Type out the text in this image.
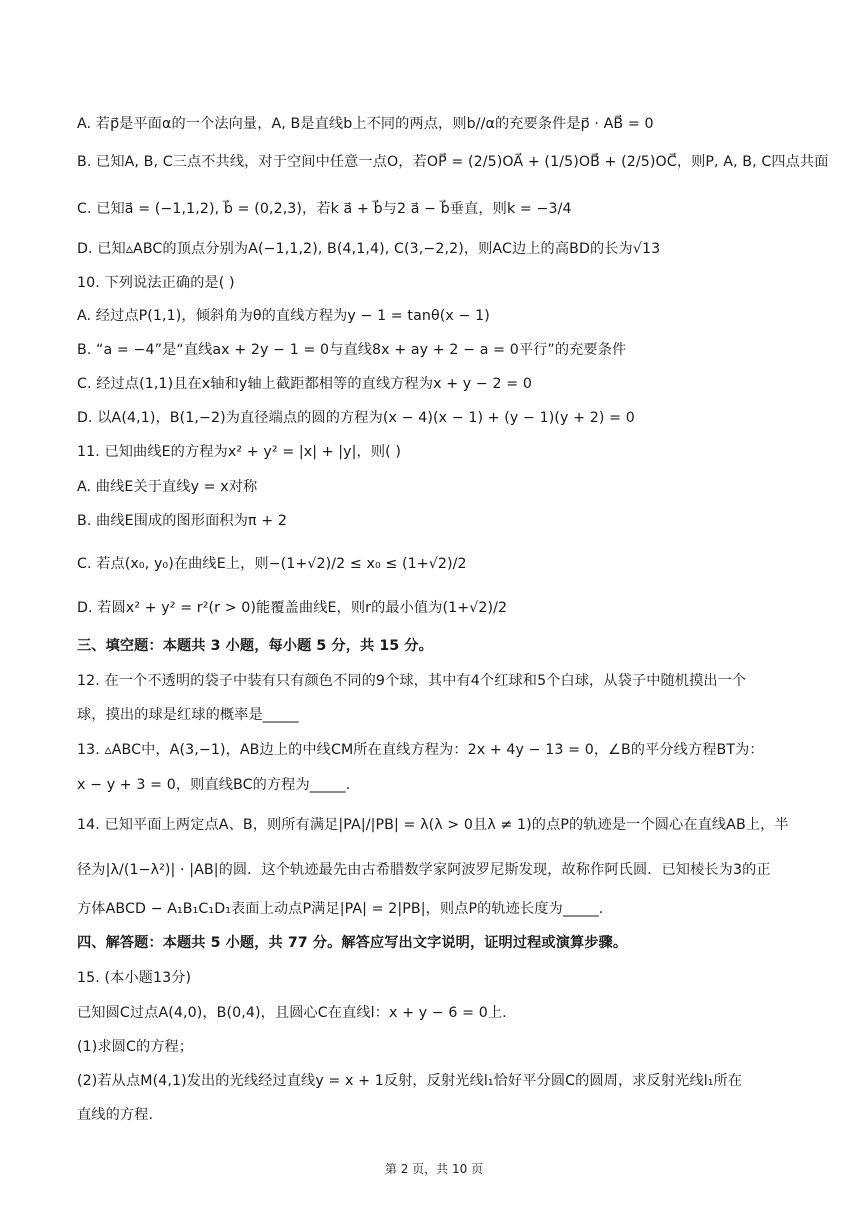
A. 若p⃗是平面α的一个法向量，A, B是直线b上不同的两点，则b//α的充要条件是p⃗ · AB⃗ = 0
B. 已知A, B, C三点不共线，对于空间中任意一点O，若OP⃗ = (2/5)OA⃗ + (1/5)OB⃗ + (2/5)OC⃗，则P, A, B, C四点共面
C. 已知a⃗ = (−1,1,2), b⃗ = (0,2,3)，若k a⃗ + b⃗与2 a⃗ − b⃗垂直，则k = −3/4
D. 已知▵ABC的顶点分别为A(−1,1,2), B(4,1,4), C(3,−2,2)，则AC边上的高BD的长为√13
10. 下列说法正确的是( )
A. 经过点P(1,1)，倾斜角为θ的直线方程为y − 1 = tanθ(x − 1)
B. “a = −4”是“直线ax + 2y − 1 = 0与直线8x + ay + 2 − a = 0平行”的充要条件
C. 经过点(1,1)且在x轴和y轴上截距都相等的直线方程为x + y − 2 = 0
D. 以A(4,1)，B(1,−2)为直径端点的圆的方程为(x − 4)(x − 1) + (y − 1)(y + 2) = 0
11. 已知曲线E的方程为x² + y² = |x| + |y|，则( )
A. 曲线E关于直线y = x对称
B. 曲线E围成的图形面积为π + 2
C. 若点(x₀, y₀)在曲线E上，则−(1+√2)/2 ≤ x₀ ≤ (1+√2)/2
D. 若圆x² + y² = r²(r > 0)能覆盖曲线E，则r的最小值为(1+√2)/2
三、填空题：本题共 3 小题，每小题 5 分，共 15 分。
12. 在一个不透明的袋子中装有只有颜色不同的9个球，其中有4个红球和5个白球，从袋子中随机摸出一个
球，摸出的球是红球的概率是_____
13. ▵ABC中，A(3,−1)，AB边上的中线CM所在直线方程为：2x + 4y − 13 = 0，∠B的平分线方程BT为：
x − y + 3 = 0，则直线BC的方程为_____.
14. 已知平面上两定点A、B，则所有满足|PA|/|PB| = λ(λ > 0且λ ≠ 1)的点P的轨迹是一个圆心在直线AB上，半
径为|λ/(1−λ²)| · |AB|的圆．这个轨迹最先由古希腊数学家阿波罗尼斯发现，故称作阿氏圆．已知棱长为3的正
方体ABCD − A₁B₁C₁D₁表面上动点P满足|PA| = 2|PB|，则点P的轨迹长度为_____.
四、解答题：本题共 5 小题，共 77 分。解答应写出文字说明，证明过程或演算步骤。
15. (本小题13分)
已知圆C过点A(4,0)，B(0,4)，且圆心C在直线l：x + y − 6 = 0上.
(1)求圆C的方程；
(2)若从点M(4,1)发出的光线经过直线y = x + 1反射，反射光线l₁恰好平分圆C的圆周，求反射光线l₁所在
直线的方程.
第 2 页，共 10 页
